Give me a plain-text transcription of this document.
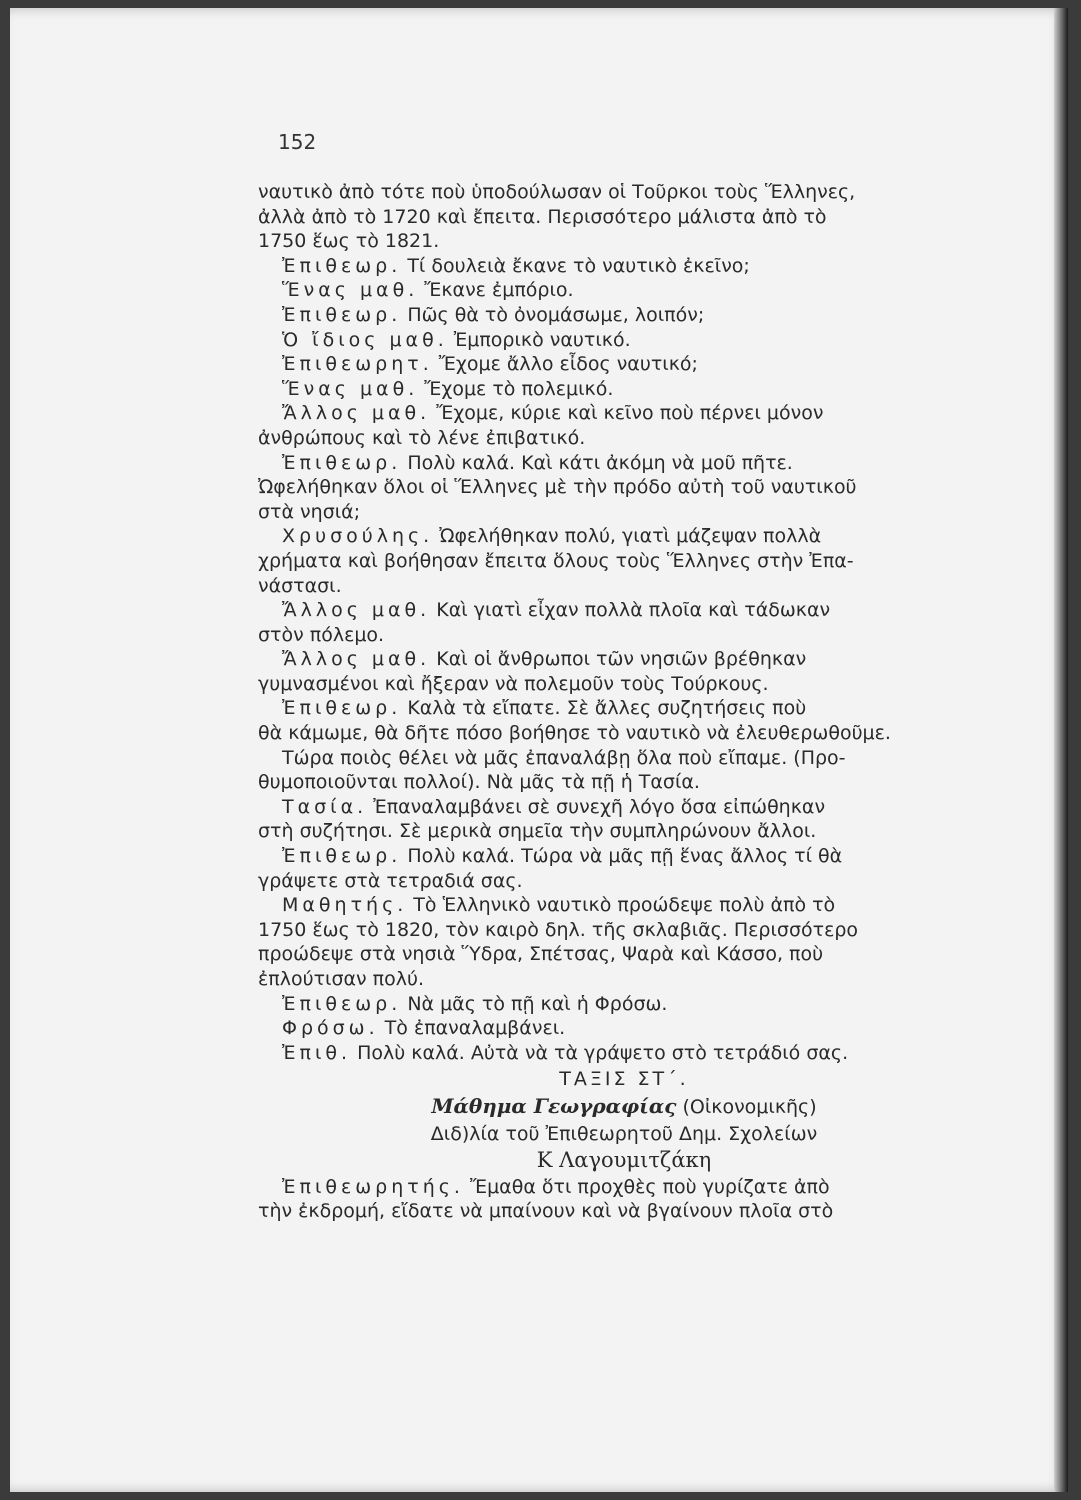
152
ναυτικὸ ἀπὸ τότε ποὺ ὑποδούλωσαν οἱ Τοῦρκοι τοὺς Ἕλληνες,
ἀλλὰ ἀπὸ τὸ 1720 καὶ ἔπειτα. Περισσότερο μάλιστα ἀπὸ τὸ
1750 ἕως τὸ 1821.
Ἐπιθεωρ. Τί δουλειὰ ἔκανε τὸ ναυτικὸ ἐκεῖνο;
Ἕνας μαθ. Ἔκανε ἐμπόριο.
Ἐπιθεωρ. Πῶς θὰ τὸ ὀνομάσωμε, λοιπόν;
Ὁ ἴδιος μαθ. Ἐμπορικὸ ναυτικό.
Ἐπιθεωρητ. Ἔχομε ἄλλο εἶδος ναυτικό;
Ἕνας μαθ. Ἔχομε τὸ πολεμικό.
Ἄλλος μαθ. Ἔχομε, κύριε καὶ κεῖνο ποὺ πέρνει μόνον
ἀνθρώπους καὶ τὸ λένε ἐπιβατικό.
Ἐπιθεωρ. Πολὺ καλά. Καὶ κάτι ἀκόμη νὰ μοῦ πῆτε.
Ὠφελήθηκαν ὅλοι οἱ Ἕλληνες μὲ τὴν πρόδο αὐτὴ τοῦ ναυτικοῦ
στὰ νησιά;
Χρυσούλης. Ὠφελήθηκαν πολύ, γιατὶ μάζεψαν πολλὰ
χρήματα καὶ βοήθησαν ἔπειτα ὅλους τοὺς Ἕλληνες στὴν Ἐπα-
νάστασι.
Ἄλλος μαθ. Καὶ γιατὶ εἶχαν πολλὰ πλοῖα καὶ τάδωκαν
στὸν πόλεμο.
Ἄλλος μαθ. Καὶ οἱ ἄνθρωποι τῶν νησιῶν βρέθηκαν
γυμνασμένοι καὶ ἤξεραν νὰ πολεμοῦν τοὺς Τούρκους.
Ἐπιθεωρ. Καλὰ τὰ εἴπατε. Σὲ ἄλλες συζητήσεις ποὺ
θὰ κάμωμε, θὰ δῆτε πόσο βοήθησε τὸ ναυτικὸ νὰ ἐλευθερωθοῦμε.
Τώρα ποιὸς θέλει νὰ μᾶς ἐπαναλάβῃ ὅλα ποὺ εἴπαμε. (Προ-
θυμοποιοῦνται πολλοί). Νὰ μᾶς τὰ πῇ ἡ Τασία.
Τασία. Ἐπαναλαμβάνει σὲ συνεχῆ λόγο ὅσα εἰπώθηκαν
στὴ συζήτησι. Σὲ μερικὰ σημεῖα τὴν συμπληρώνουν ἄλλοι.
Ἐπιθεωρ. Πολὺ καλά. Τώρα νὰ μᾶς πῇ ἕνας ἄλλος τί θὰ
γράψετε στὰ τετραδιά σας.
Μαθητής. Τὸ Ἑλληνικὸ ναυτικὸ προώδεψε πολὺ ἀπὸ τὸ
1750 ἕως τὸ 1820, τὸν καιρὸ δηλ. τῆς σκλαβιᾶς. Περισσότερο
προώδεψε στὰ νησιὰ Ὕδρα, Σπέτσας, Ψαρὰ καὶ Κάσσο, ποὺ
ἐπλούτισαν πολύ.
Ἐπιθεωρ. Νὰ μᾶς τὸ πῇ καὶ ἡ Φρόσω.
Φρόσω. Τὸ ἐπαναλαμβάνει.
Ἐπιθ. Πολὺ καλά. Αὐτὰ νὰ τὰ γράψετο στὸ τετράδιό σας.
ΤΑΞΙΣ ΣΤ΄.
Μάθημα Γεωγραφίας (Οἰκονομικῆς)
Διδ)λία τοῦ Ἐπιθεωρητοῦ Δημ. Σχολείων
Κ Λαγουμιτζάκη
Ἐπιθεωρητής. Ἔμαθα ὅτι προχθὲς ποὺ γυρίζατε ἀπὸ
τὴν ἐκδρομή, εἴδατε νὰ μπαίνουν καὶ νὰ βγαίνουν πλοῖα στὸ
